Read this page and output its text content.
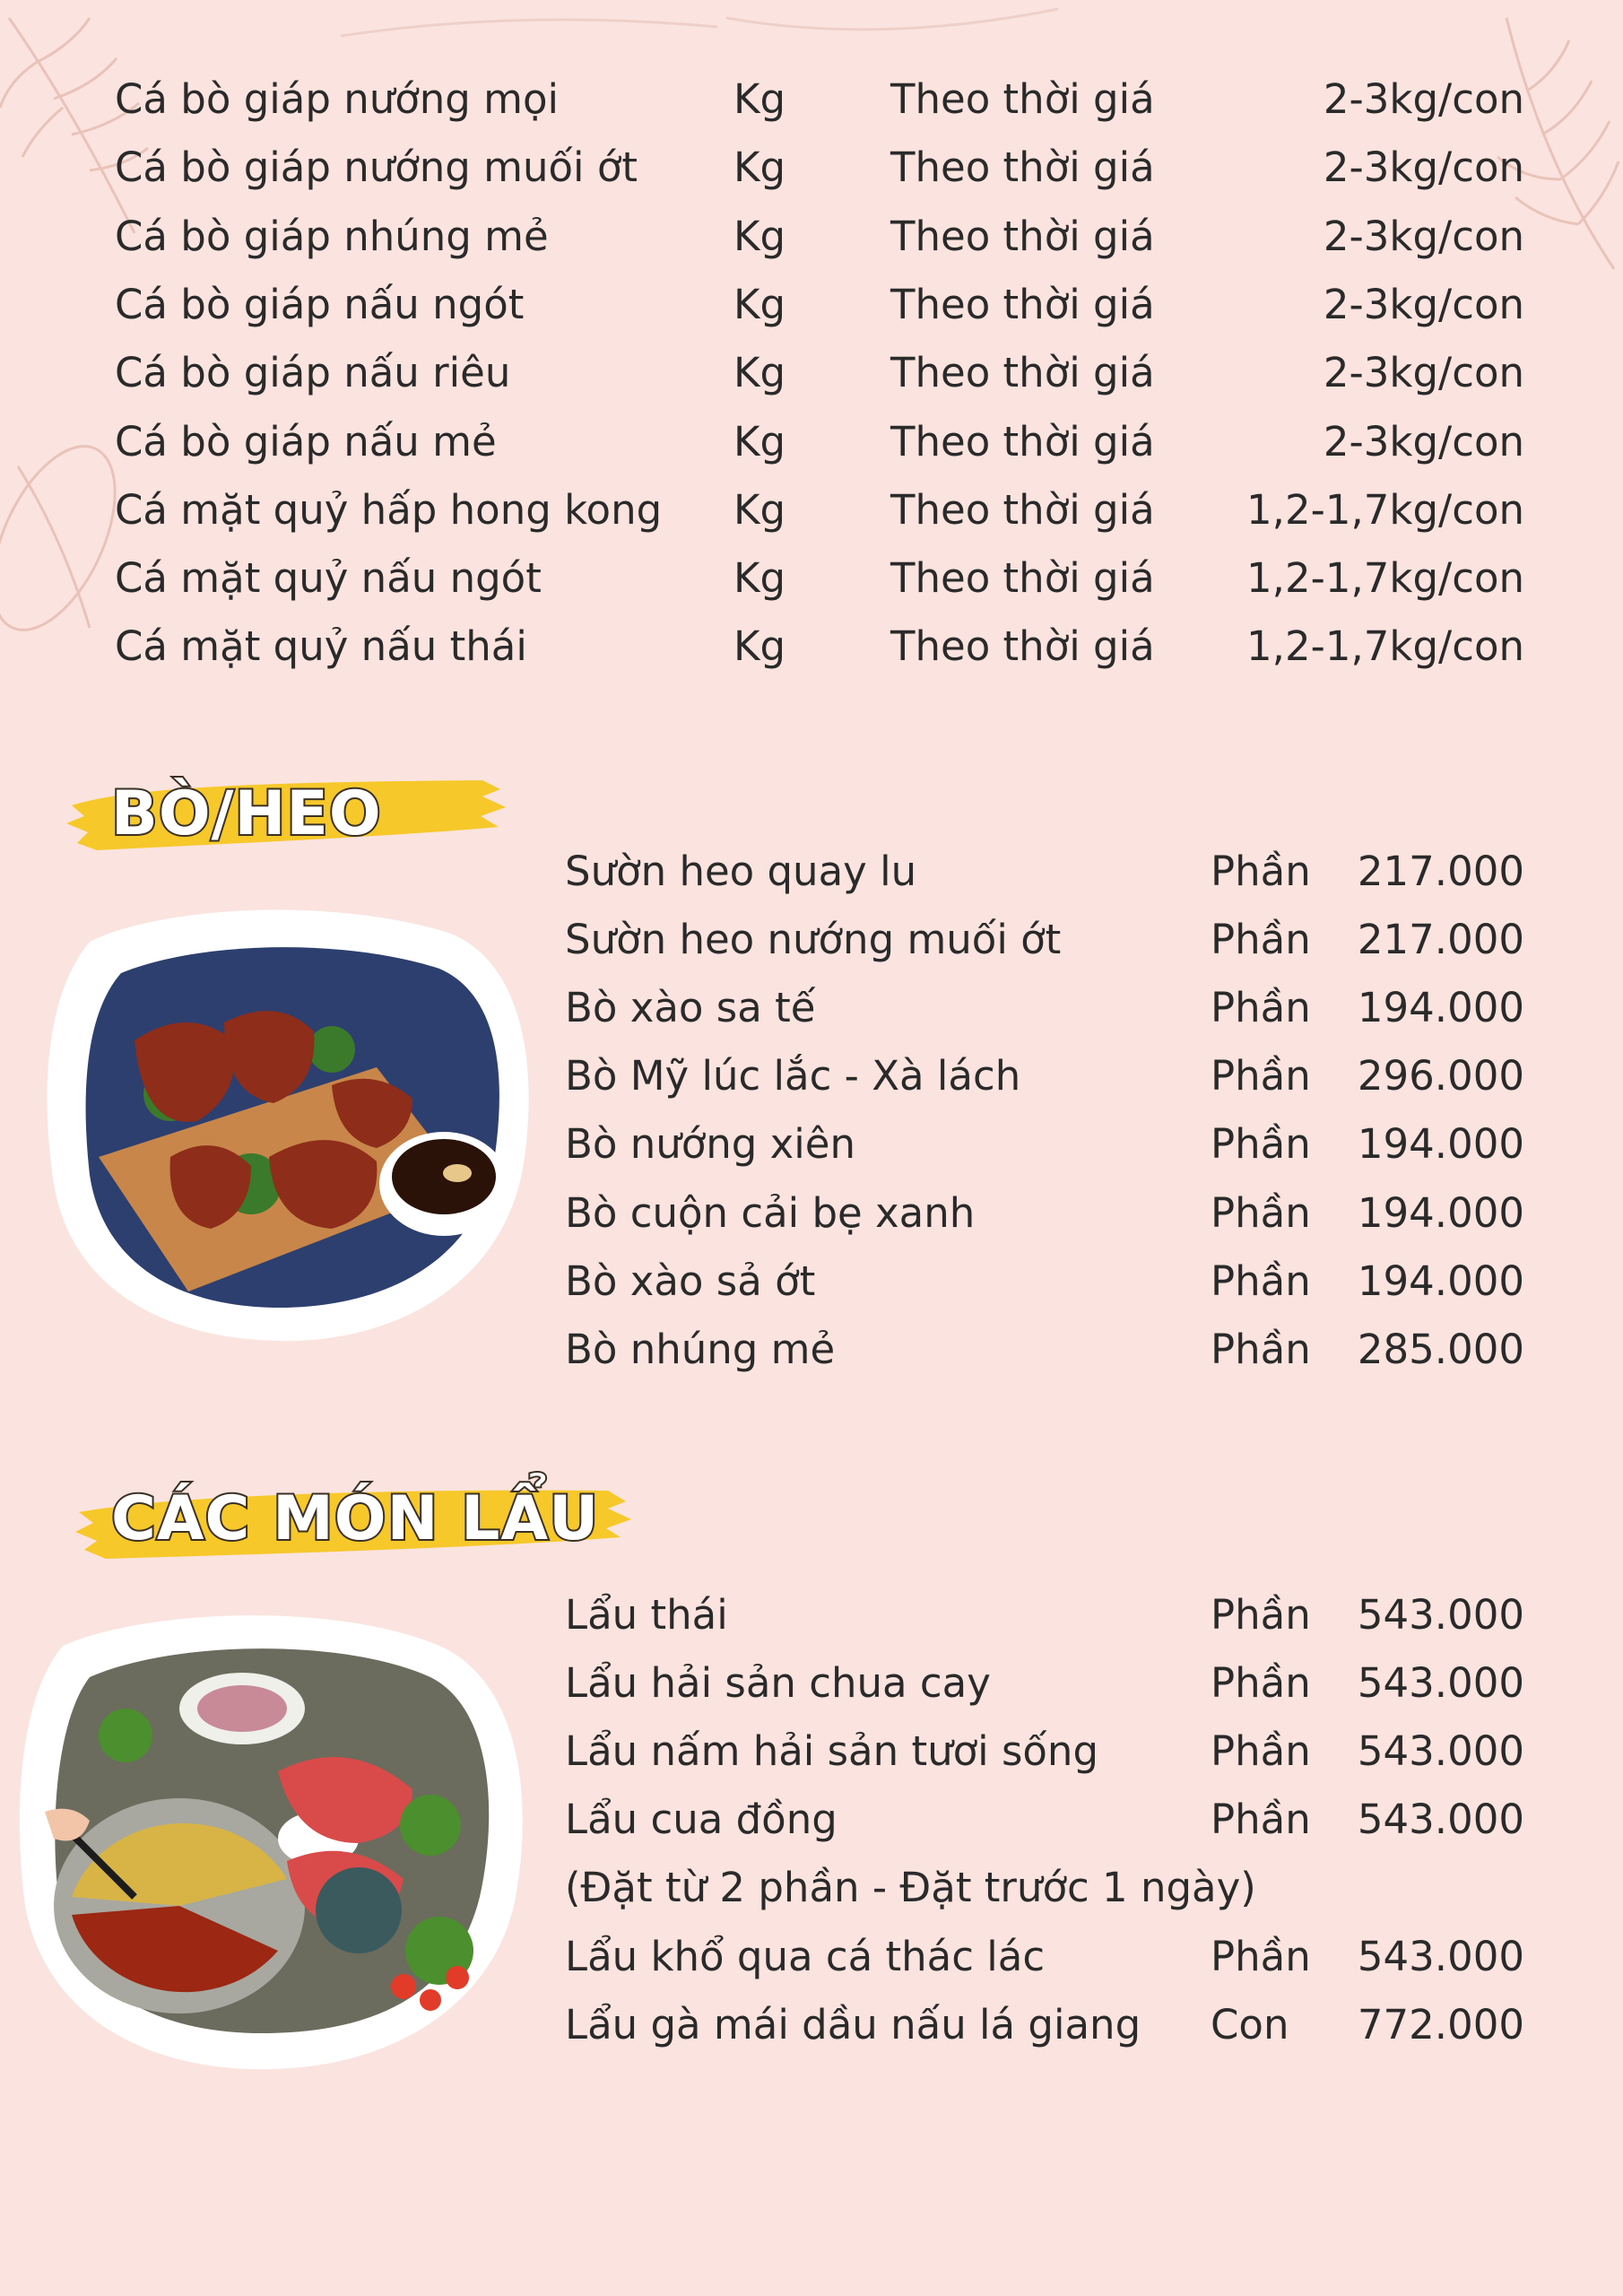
Cá bò giáp nướng mọi	Kg	Theo thời giá	2-3kg/con
Cá bò giáp nướng muối ớt Kg	Theo thời giá	2-3kg/con
Cá bò giáp nhúng mẻ	Kg	Theo thời giá	2-3kg/con
Cá bò giáp nấu ngót	Kg	Theo thời giá	2-3kg/con
Cá bò giáp nấu riêu	Kg	Theo thời giá	2-3kg/con
Cá bò giáp nấu mẻ	Kg	Theo thời giá	2-3kg/con
Cá mặt quỷ hấp hong kong Kg	Theo thời giá 1,2-1,7kg/con
Cá mặt quỷ nấu ngót	Kg	Theo thời giá 1,2-1,7kg/con
Cá mặt quỷ nấu thái	Kg	Theo thời giá 1,2-1,7kg/con
BÒ/HEO
Sườn heo quay lu	Phần 217.000
Sườn heo nướng muối ớt	Phần 217.000
Bò xào sa tế	Phần 194.000
Bò Mỹ lúc lắc - Xà lách	Phần 296.000
Bò nướng xiên	Phần 194.000
Bò cuộn cải bẹ xanh	Phần 194.000
Bò xào sả ớt	Phần 194.000
Bò nhúng mẻ	Phần 285.000
CÁC MÓN LẨU
Lẩu thái	Phần 543.000
Lẩu hải sản chua cay	Phần 543.000
Lẩu nấm hải sản tươi sống	Phần 543.000
Lẩu cua đồng	Phần 543.000
(Đặt từ 2 phần - Đặt trước 1 ngày)
Lẩu khổ qua cá thác lác	Phần 543.000
Lẩu gà mái dầu nấu lá giang Con 772.000
